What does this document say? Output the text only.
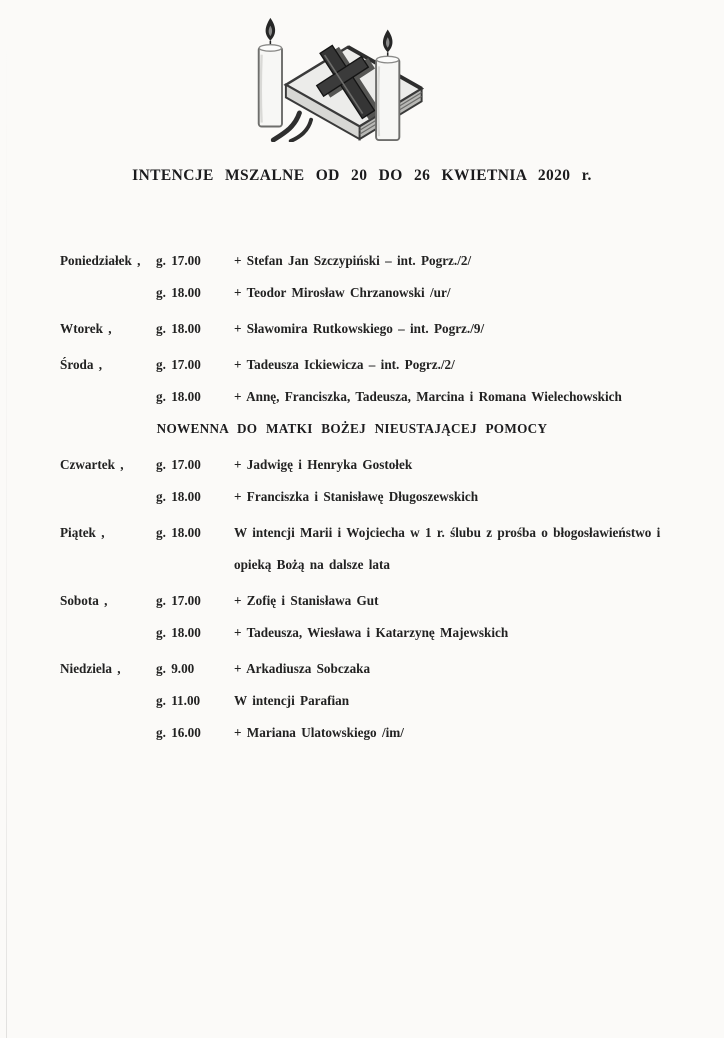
INTENCJE MSZALNE OD 20 DO 26 KWIETNIA 2020 r.
Poniedziałek ,	g. 17.00	+ Stefan Jan Szczypiński – int. Pogrz./2/
g. 18.00	+ Teodor Mirosław Chrzanowski /ur/
Wtorek ,	g. 18.00	+ Sławomira Rutkowskiego – int. Pogrz./9/
Środa ,	g. 17.00	+ Tadeusza Ickiewicza – int. Pogrz./2/
g. 18.00	+ Annę, Franciszka, Tadeusza, Marcina i Romana Wielechowskich
NOWENNA DO MATKI BOŻEJ NIEUSTAJĄCEJ POMOCY
Czwartek ,	g. 17.00	+ Jadwigę i Henryka Gostołek
g. 18.00	+ Franciszka i Stanisławę Długoszewskich
Piątek ,	g. 18.00	W intencji Marii i Wojciecha w 1 r. ślubu z prośba o błogosławieństwo i
opieką Bożą na dalsze lata
Sobota ,	g. 17.00	+ Zofię i Stanisława Gut
g. 18.00	+ Tadeusza, Wiesława i Katarzynę Majewskich
Niedziela ,	g. 9.00	+ Arkadiusza Sobczaka
g. 11.00	W intencji Parafian
g. 16.00	+ Mariana Ulatowskiego /im/
